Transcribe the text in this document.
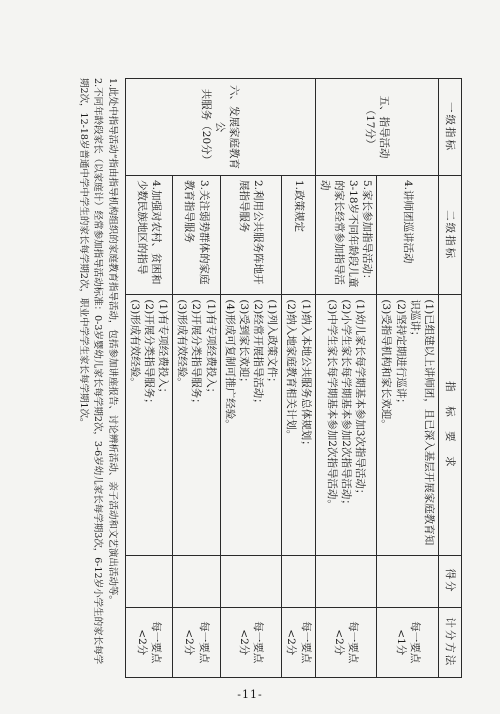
一级指标	二级指标	指　标　要　求	得分	计分方法

五、指导活动
（17分）	4.讲师团巡讲活动	(1)已组建以上讲师团，且已深入基层开展家庭教育知识巡讲；
(2)坚持定期进行巡讲；
(3)受指导机构和家长欢迎。		每一要点
<1分

	5.家长参加指导活动：3-18岁不同年龄段儿童的家长经常参加指导活动	(1)幼儿家长每学期基本参加3次指导活动；
(2)小学生家长每学期基本参加2次指导活动；
(3)中学生家长每学期基本参加2次指导活动。		每一要点
<2分

六、发展家庭教育公
共服务（20分）	1.政策规定	(1)纳入本地公共服务总体规划；
(2)纳入地家庭教育相关计划。		每一要点
<2分

	2.利用公共服务阵地开展指导服务	(1)列入政策文件；
(2)经常开展指导活动；
(3)受到家长欢迎；
(4)形成可复制可推广经验。		每一要点
<2分

	3.关注弱势群体的家庭教育指导服务	(1)有专项经费投入；
(2)开展分类指导服务；
(3)形成有效经验。		每一要点
<2分

	4.加强对农村、贫困和少数民族地区的指导	(1)有专项经费投入；
(2)开展分类指导服务；
(3)形成有效经验。		每一要点
<2分
1.此处中指导活动“指由指导机构组织的家庭教育指导活动，包括参加讲座报告、讨论辨析活动、亲子活动和文艺演出活动等。
2.不同年龄段家长（以家庭计）经常参加指导活动标准：0-3岁婴幼儿家长每学期2次，3-6岁幼儿家长每学期3次，6-12岁小学生的家长每学
期2次，12-18岁普通中学中学生的家长每学期2次，职业中学学生家长每学期1次。
-11-
